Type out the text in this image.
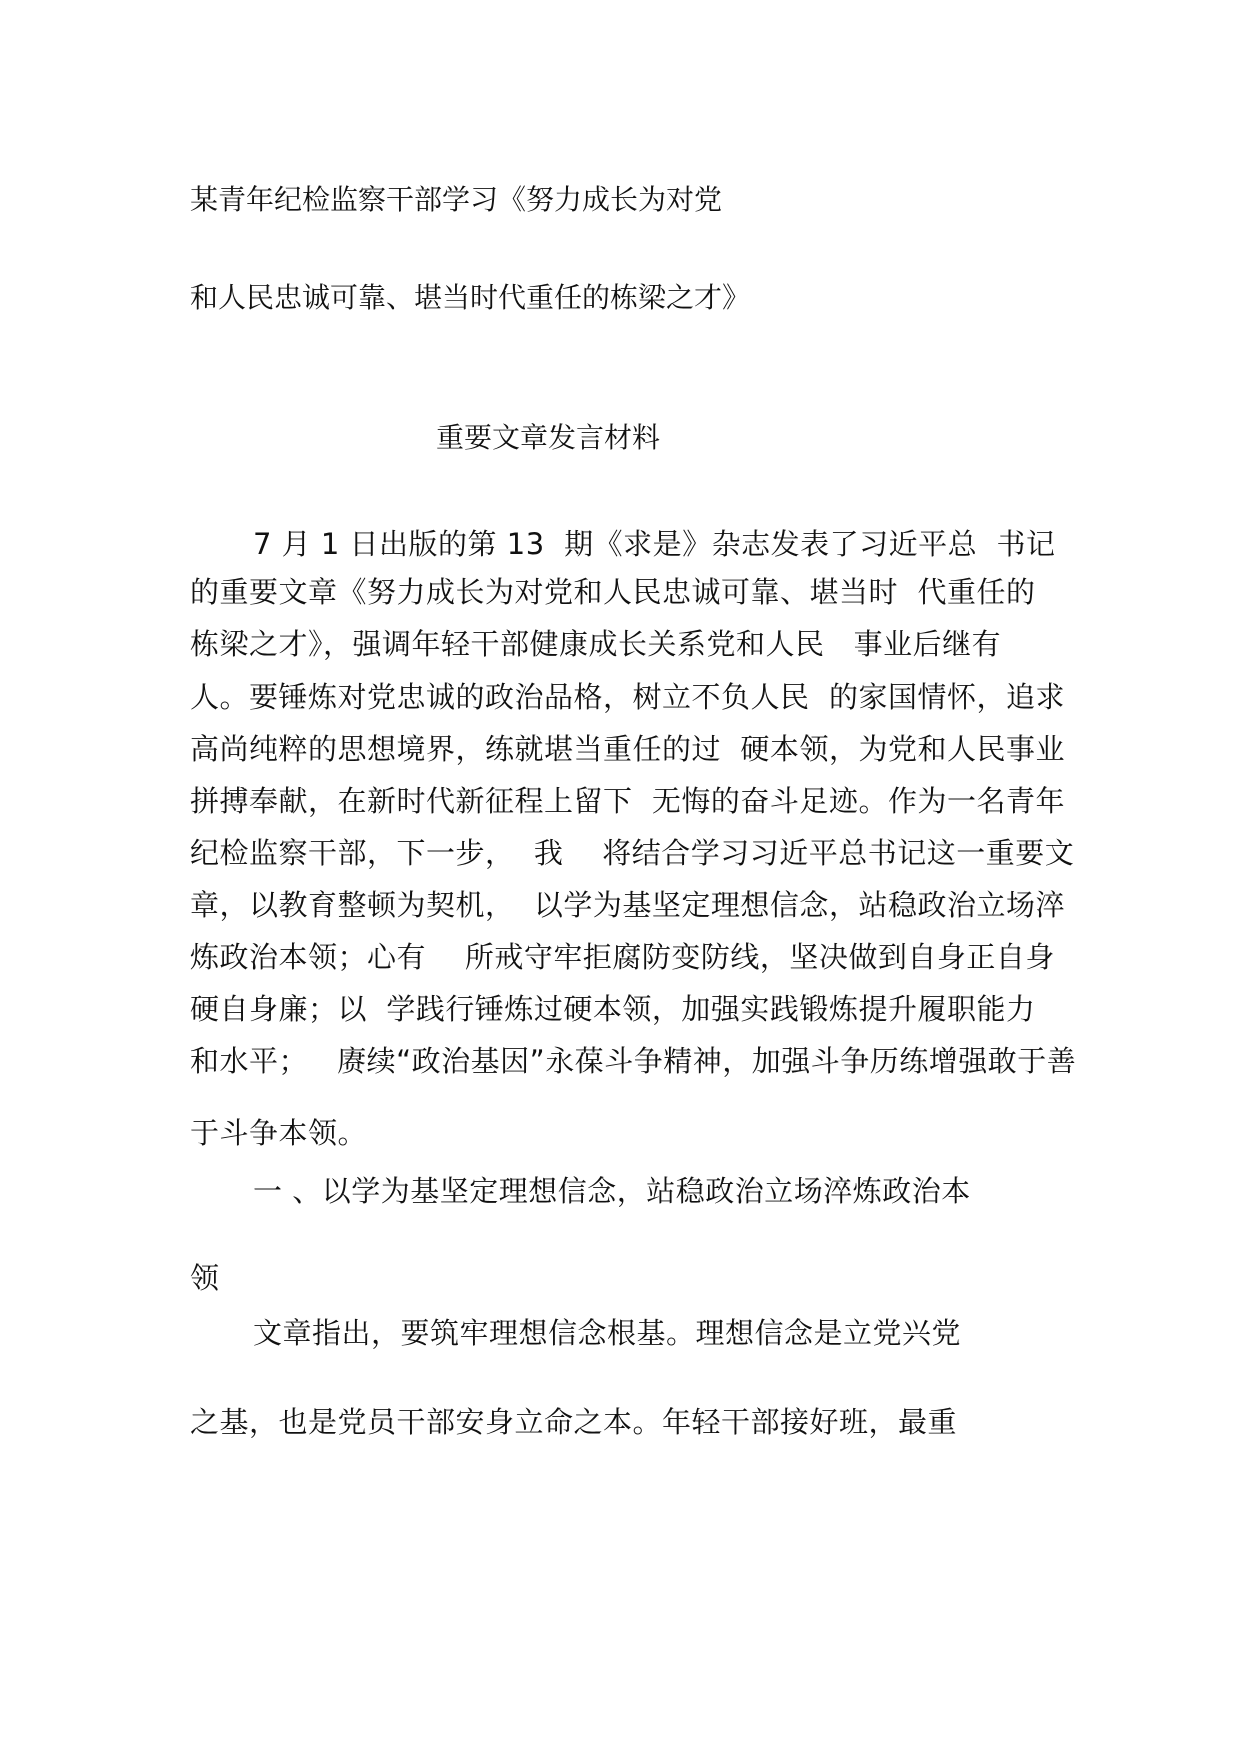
某青年纪检监察干部学习《努力成长为对党
和人民忠诚可靠、堪当时代重任的栋梁之才》
重要文章发言材料
7 月 1 日出版的第 13  期《求是》杂志发表了习近平总  书记
的重要文章《努力成长为对党和人民忠诚可靠、堪当时  代重任的
栋梁之才》，强调年轻干部健康成长关系党和人民   事业后继有
人。要锤炼对党忠诚的政治品格，树立不负人民  的家国情怀，追求
高尚纯粹的思想境界，练就堪当重任的过  硬本领，为党和人民事业
拼搏奉献，在新时代新征程上留下  无悔的奋斗足迹。作为一名青年
纪检监察干部，下一步，  我    将结合学习习近平总书记这一重要文
章，以教育整顿为契机，  以学为基坚定理想信念，站稳政治立场淬
炼政治本领；心有    所戒守牢拒腐防变防线，坚决做到自身正自身
硬自身廉；以  学践行锤炼过硬本领，加强实践锻炼提升履职能力
和水平；   赓续“政治基因”永葆斗争精神，加强斗争历练增强敢于善
于斗争本领。
一 、以学为基坚定理想信念，站稳政治立场淬炼政治本
领
文章指出，要筑牢理想信念根基。理想信念是立党兴党
之基，也是党员干部安身立命之本。年轻干部接好班，最重
